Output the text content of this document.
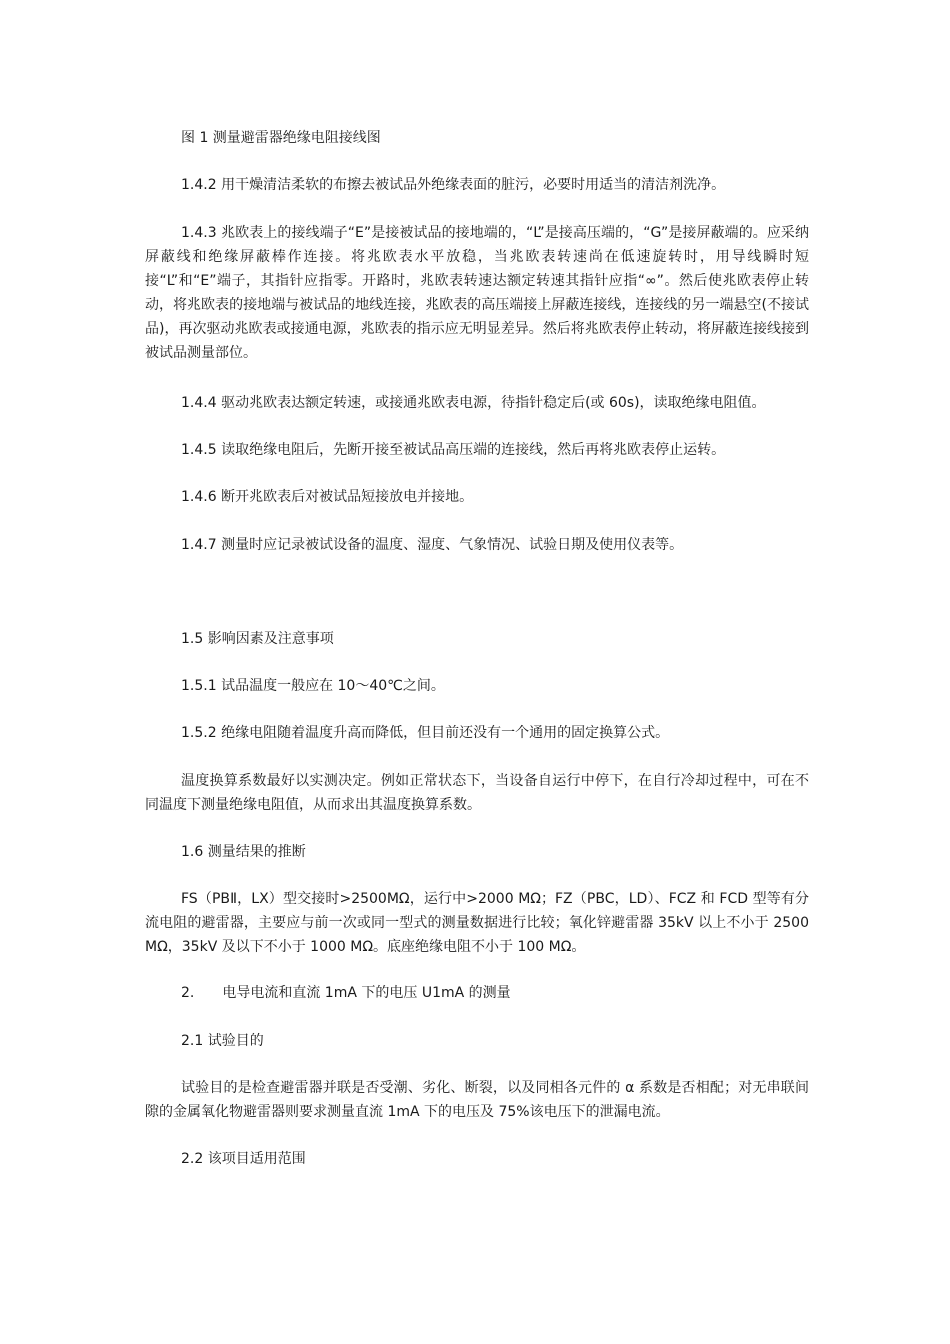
图 1 测量避雷器绝缘电阻接线图

1.4.2 用干燥清洁柔软的布擦去被试品外绝缘表面的脏污，必要时用适当的清洁剂洗净。

1.4.3 兆欧表上的接线端子“E”是接被试品的接地端的，“L”是接高压端的，“G”是接屏蔽端的。应采纳屏蔽线和绝缘屏蔽棒作连接。将兆欧表水平放稳，当兆欧表转速尚在低速旋转时，用导线瞬时短接“L”和“E”端子，其指针应指零。开路时，兆欧表转速达额定转速其指针应指“∞”。然后使兆欧表停止转动，将兆欧表的接地端与被试品的地线连接，兆欧表的高压端接上屏蔽连接线，连接线的另一端悬空(不接试品)，再次驱动兆欧表或接通电源，兆欧表的指示应无明显差异。然后将兆欧表停止转动，将屏蔽连接线接到被试品测量部位。

1.4.4 驱动兆欧表达额定转速，或接通兆欧表电源，待指针稳定后(或 60s)，读取绝缘电阻值。

1.4.5 读取绝缘电阻后，先断开接至被试品高压端的连接线，然后再将兆欧表停止运转。

1.4.6 断开兆欧表后对被试品短接放电并接地。

1.4.7 测量时应记录被试设备的温度、湿度、气象情况、试验日期及使用仪表等。

1.5 影响因素及注意事项

1.5.1 试品温度一般应在 10～40℃之间。

1.5.2 绝缘电阻随着温度升高而降低，但目前还没有一个通用的固定换算公式。

温度换算系数最好以实测决定。例如正常状态下，当设备自运行中停下，在自行冷却过程中，可在不同温度下测量绝缘电阻值，从而求出其温度换算系数。

1.6 测量结果的推断

FS（PBⅡ，LX）型交接时>2500MΩ，运行中>2000 MΩ；FZ（PBC，LD）、FCZ 和 FCD 型等有分流电阻的避雷器，主要应与前一次或同一型式的测量数据进行比较；氧化锌避雷器 35kV 以上不小于 2500 MΩ，35kV 及以下不小于 1000 MΩ。底座绝缘电阻不小于 100 MΩ。

2.　　电导电流和直流 1mA 下的电压 U1mA 的测量

2.1 试验目的

试验目的是检查避雷器并联是否受潮、劣化、断裂，以及同相各元件的 α 系数是否相配；对无串联间隙的金属氧化物避雷器则要求测量直流 1mA 下的电压及 75%该电压下的泄漏电流。

2.2 该项目适用范围
